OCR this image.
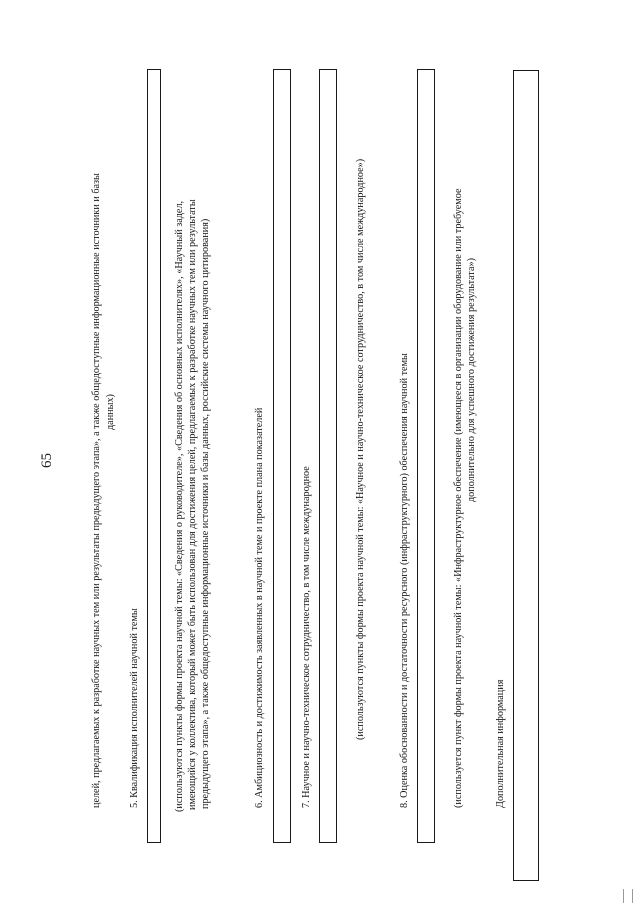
65	целей, предлагаемых к разработке научных тем или результаты предыдущего этапа», а также общедоступные информационные источники и базы данных)
5. Квалификация исполнителей научной темы	(используются пункты формы проекта научной темы: «Сведения о руководителе», «Сведения об основных исполнителях», «Научный задел, имеющийся у коллектива, который может быть использован для достижения целей, предлагаемых к разработке научных тем или результаты предыдущего этапа», а также общедоступные информационные источники и базы данных, российские системы научного цитирования)	6. Амбициозность и достижимость заявленных в научной теме и проекте плана показателей	7. Научное и научно-техническое сотрудничество, в том числе международное	(используются пункты формы проекта научной темы: «Научное и научно-техническое сотрудничество, в том числе международное»)	8. Оценка обоснованности и достаточности ресурсного (инфраструктурного) обеспечения научной темы	(используется пункт формы проекта научной темы: «Инфраструктурное обеспечение (имеющееся в организации оборудование или требуемое дополнительно для успешного достижения результата»)
Дополнительная информация
